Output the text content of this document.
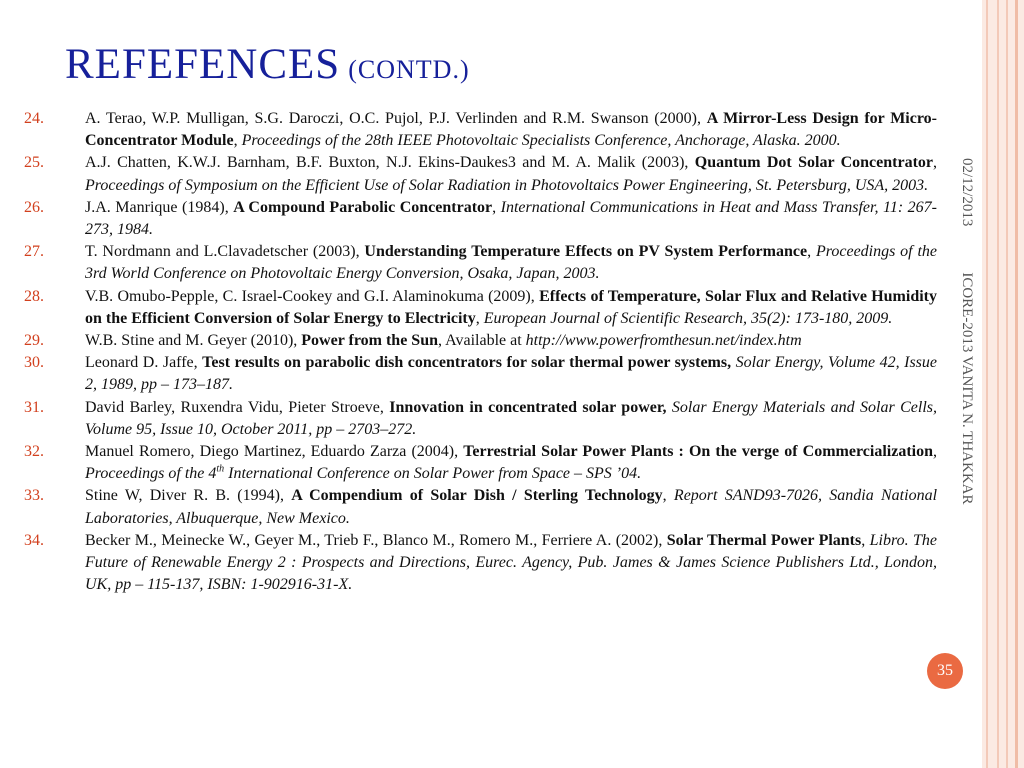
REFEFENCES (CONTD.)
24.	A. Terao, W.P. Mulligan, S.G. Daroczi, O.C. Pujol, P.J. Verlinden and R.M. Swanson (2000), A Mirror-Less Design for Micro-Concentrator Module, Proceedings of the 28th IEEE Photovoltaic Specialists Conference, Anchorage, Alaska. 2000.
25.	A.J. Chatten, K.W.J. Barnham, B.F. Buxton, N.J. Ekins-Daukes3 and M. A. Malik (2003), Quantum Dot Solar Concentrator, Proceedings of Symposium on the Efficient Use of Solar Radiation in Photovoltaics Power Engineering, St. Petersburg, USA, 2003.
26.	J.A. Manrique (1984), A Compound Parabolic Concentrator, International Communications in Heat and Mass Transfer, 11: 267-273, 1984.
27.	T. Nordmann and L.Clavadetscher (2003), Understanding Temperature Effects on PV System Performance, Proceedings of the 3rd World Conference on Photovoltaic Energy Conversion, Osaka, Japan, 2003.
28.	V.B. Omubo-Pepple, C. Israel-Cookey and G.I. Alaminokuma (2009), Effects of Temperature, Solar Flux and Relative Humidity on the Efficient Conversion of Solar Energy to Electricity, European Journal of Scientific Research, 35(2): 173-180, 2009.
29.	W.B. Stine and M. Geyer (2010), Power from the Sun, Available at http://www.powerfromthesun.net/index.htm
30.	Leonard D. Jaffe, Test results on parabolic dish concentrators for solar thermal power systems, Solar Energy, Volume 42, Issue 2, 1989, pp – 173–187.
31.	David Barley, Ruxendra Vidu, Pieter Stroeve, Innovation in concentrated solar power, Solar Energy Materials and Solar Cells, Volume 95, Issue 10, October 2011, pp – 2703–272.
32.	Manuel Romero, Diego Martinez, Eduardo Zarza (2004), Terrestrial Solar Power Plants : On the verge of Commercialization, Proceedings of the 4th International Conference on Solar Power from Space – SPS ’04.
33.	Stine W, Diver R. B. (1994), A Compendium of Solar Dish / Sterling Technology, Report SAND93-7026, Sandia National Laboratories, Albuquerque, New Mexico.
34.	Becker M., Meinecke W., Geyer M., Trieb F., Blanco M., Romero M., Ferriere A. (2002), Solar Thermal Power Plants, Libro. The Future of Renewable Energy 2 : Prospects and Directions, Eurec. Agency, Pub. James & James Science Publishers Ltd., London, UK, pp – 115-137, ISBN: 1-902916-31-X.
02/12/2013ICORE-2013 VANITA N. THAKKAR
35
